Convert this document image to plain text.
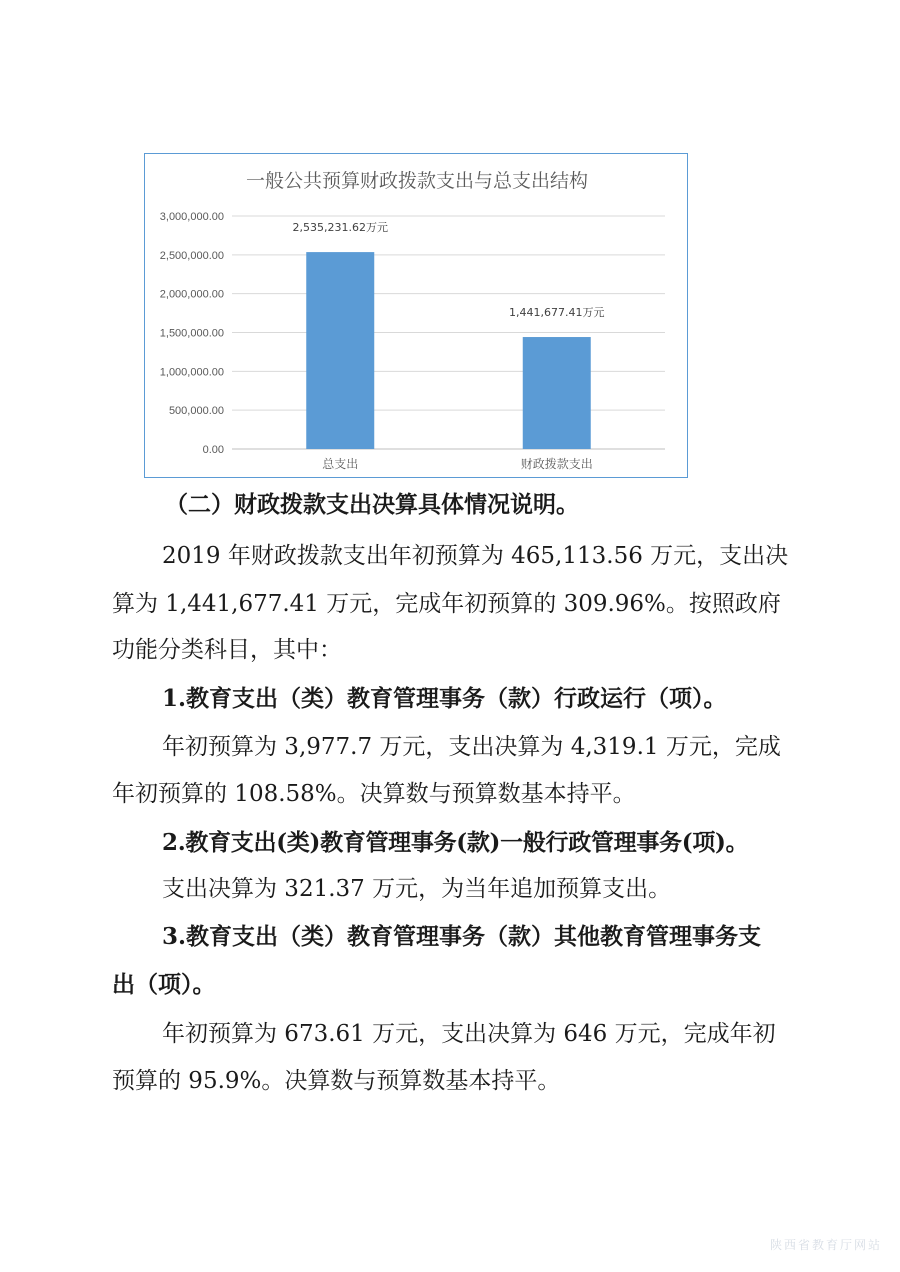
一般公共预算财政拨款支出与总支出结构
0.00
500,000.00
1,000,000.00
1,500,000.00
2,000,000.00
2,500,000.00
3,000,000.00
2,535,231.62万元
总支出
1,441,677.41万元
财政拨款支出

（二）财政拨款支出决算具体情况说明。

2019 年财政拨款支出年初预算为 465,113.56 万元，支出决

算为 1,441,677.41 万元，完成年初预算的 309.96%。按照政府

功能分类科目，其中：

1.教育支出（类）教育管理事务（款）行政运行（项）。

年初预算为 3,977.7 万元，支出决算为 4,319.1 万元，完成

年初预算的 108.58%。决算数与预算数基本持平。

2.教育支出(类)教育管理事务(款)一般行政管理事务(项)。

支出决算为 321.37 万元，为当年追加预算支出。

3.教育支出（类）教育管理事务（款）其他教育管理事务支

出（项）。

年初预算为 673.61 万元，支出决算为 646 万元，完成年初

预算的 95.9%。决算数与预算数基本持平。

陕西省教育厅网站
